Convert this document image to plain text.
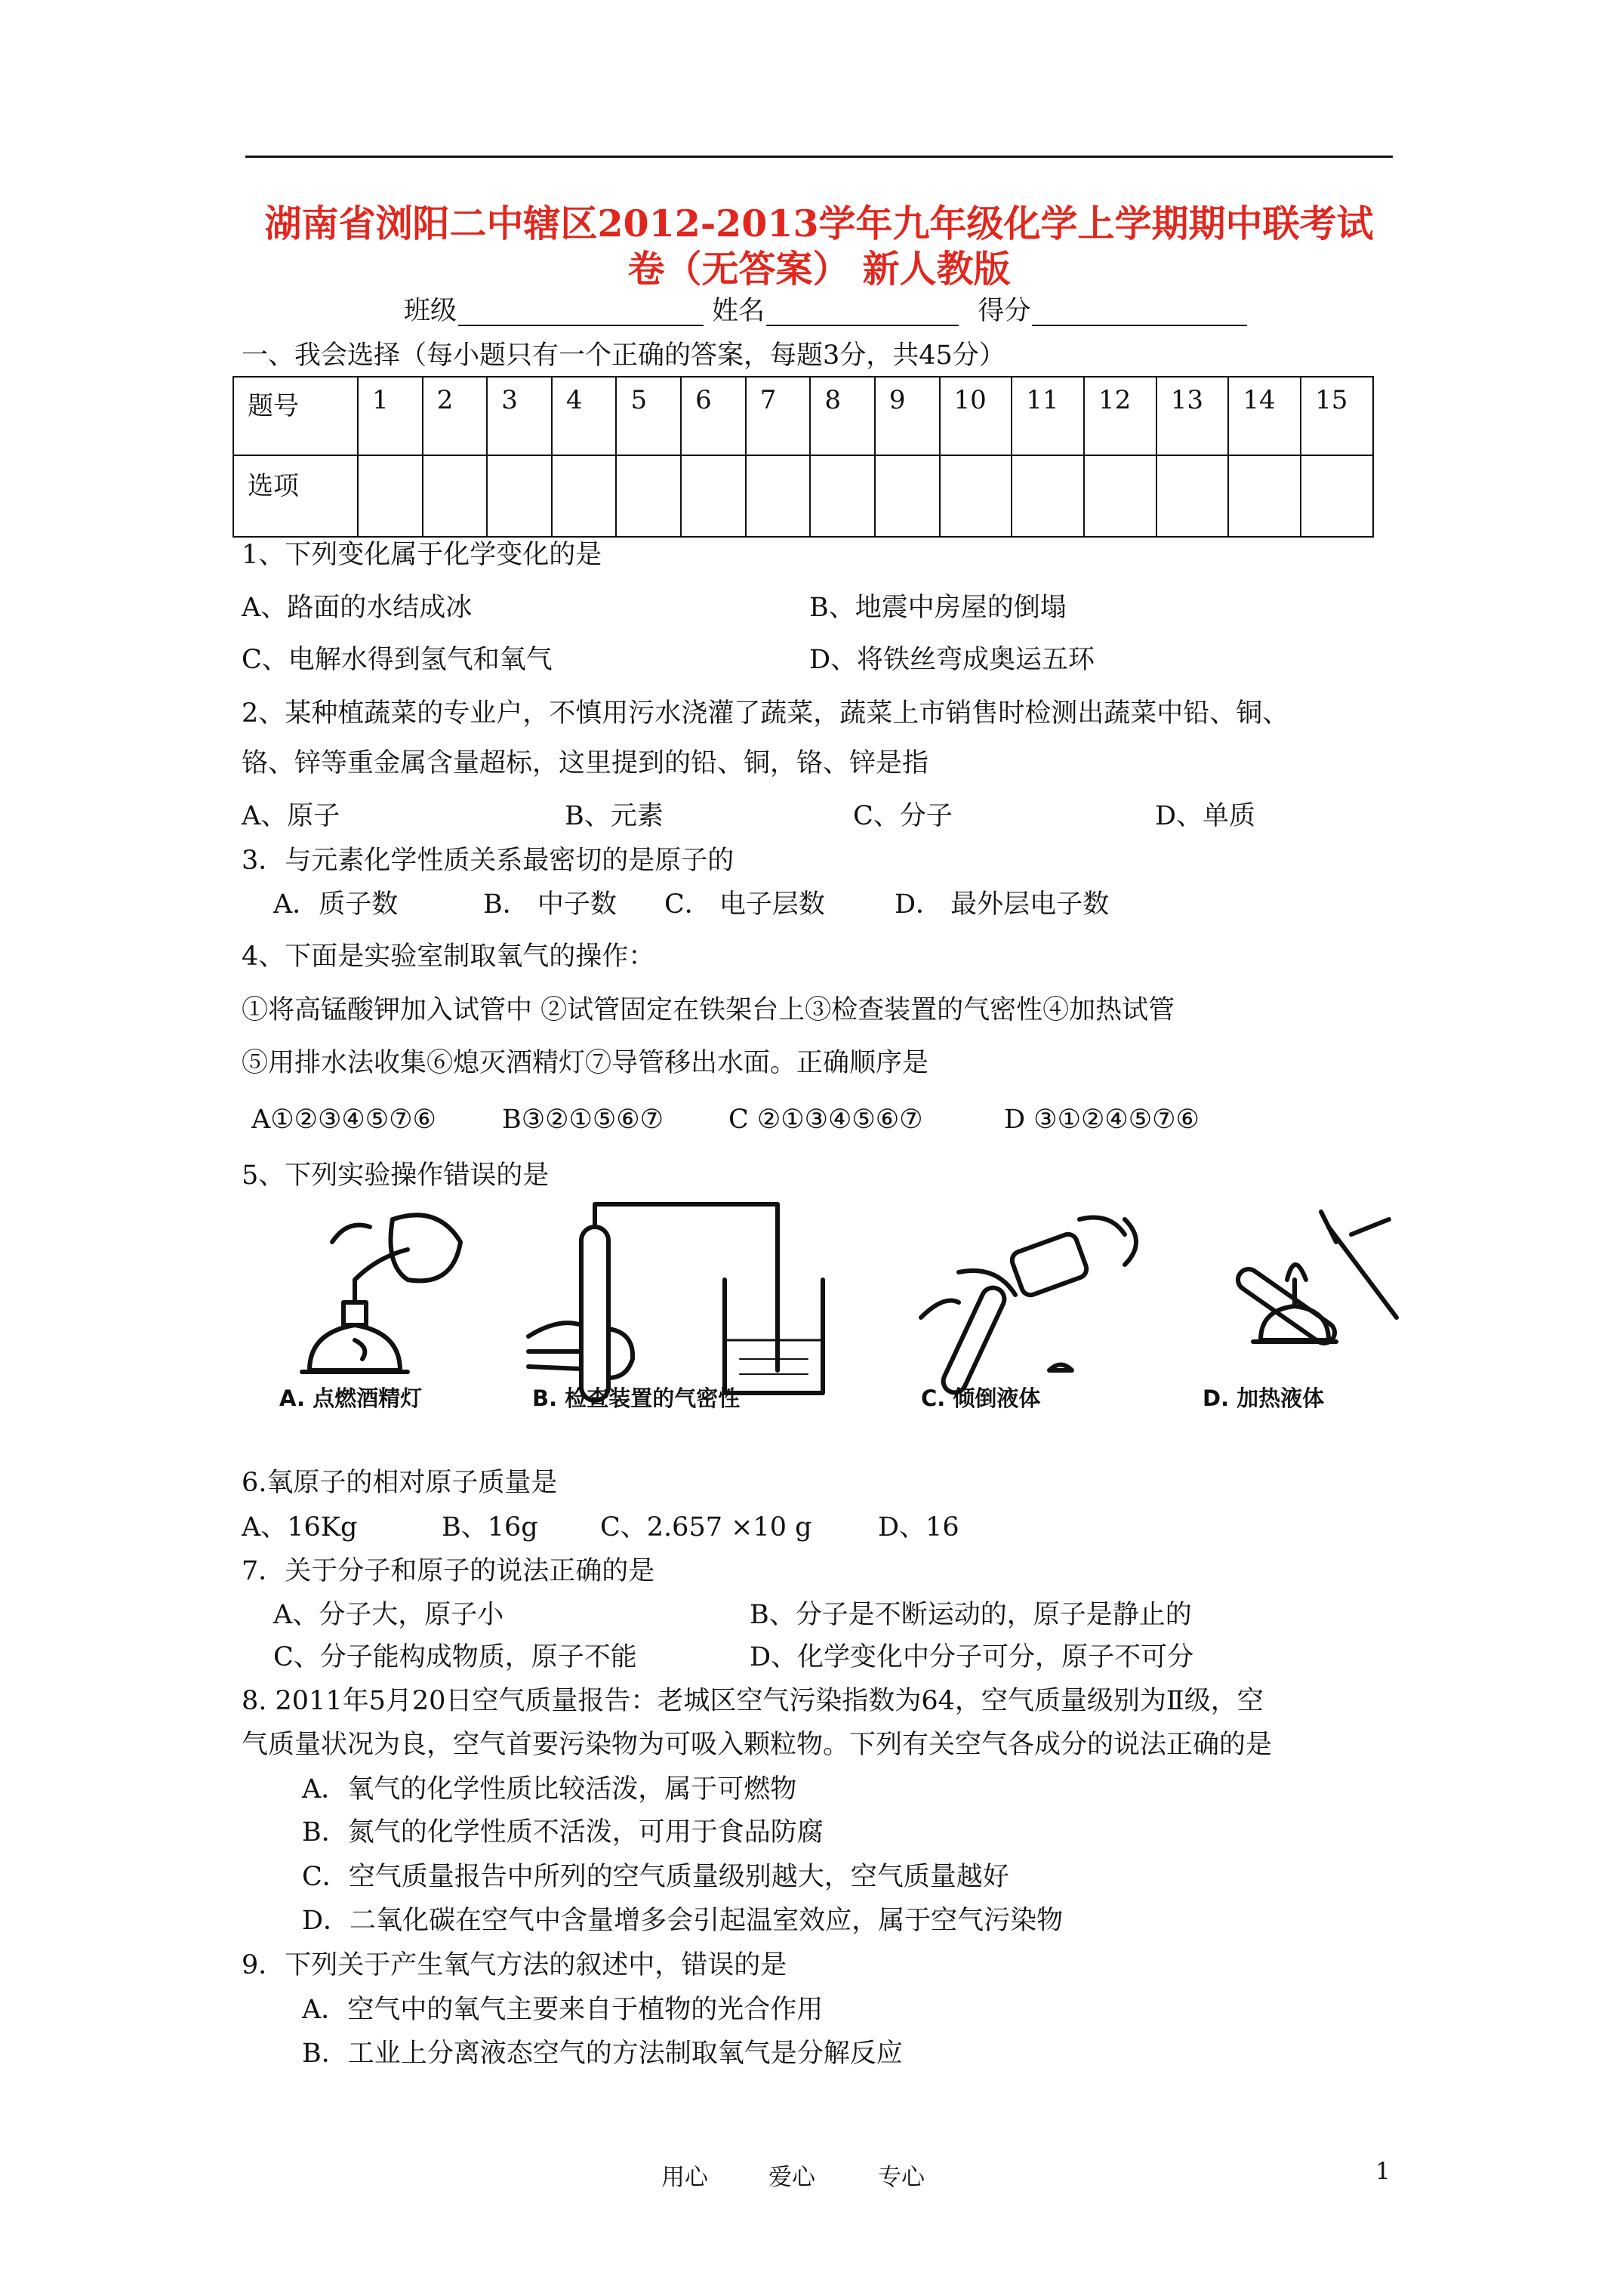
湖南省浏阳二中辖区2012-2013学年九年级化学上学期期中联考试
卷（无答案） 新人教版
班级	姓名	得分
一、我会选择（每小题只有一个正确的答案，每题3分，共45分）
题号	1	2	3	4	5	6	7	8	9	10	11	12	13	14	15
选项															
1、下列变化属于化学变化的是
A、路面的水结成冰	B、地震中房屋的倒塌
C、电解水得到氢气和氧气	D、将铁丝弯成奥运五环
2、某种植蔬菜的专业户，不慎用污水浇灌了蔬菜，蔬菜上市销售时检测出蔬菜中铅、铜、
铬、锌等重金属含量超标，这里提到的铅、铜，铬、锌是指
A、原子	B、元素	C、分子	D、单质
3．与元素化学性质关系最密切的是原子的
A．质子数	B． 中子数 C． 电子层数	D． 最外层电子数
4、下面是实验室制取氧气的操作：
①将高锰酸钾加入试管中 ②试管固定在铁架台上③检查装置的气密性④加热试管
⑤用排水法收集⑥熄灭酒精灯⑦导管移出水面。正确顺序是
A①②③④⑤⑦⑥ B③②①⑤⑥⑦ C ②①③④⑤⑥⑦	D ③①②④⑤⑦⑥
5、下列实验操作错误的是
A. 点燃酒精灯	B. 检查装置的气密性	C. 倾倒液体	D. 加热液体
6.氧原子的相对原子质量是
A、16Kg	B、16g C、2.657 ×10 g	D、16
7．关于分子和原子的说法正确的是
A、分子大，原子小	B、分子是不断运动的，原子是静止的
C、分子能构成物质，原子不能	D、化学变化中分子可分，原子不可分
8. 2011年5月20日空气质量报告：老城区空气污染指数为64，空气质量级别为Ⅱ级，空
气质量状况为良，空气首要污染物为可吸入颗粒物。下列有关空气各成分的说法正确的是
A．氧气的化学性质比较活泼，属于可燃物
B．氮气的化学性质不活泼，可用于食品防腐
C．空气质量报告中所列的空气质量级别越大，空气质量越好
D．二氧化碳在空气中含量增多会引起温室效应，属于空气污染物
9．下列关于产生氧气方法的叙述中，错误的是
A．空气中的氧气主要来自于植物的光合作用
B．工业上分离液态空气的方法制取氧气是分解反应
用心	爱心	专心	1
